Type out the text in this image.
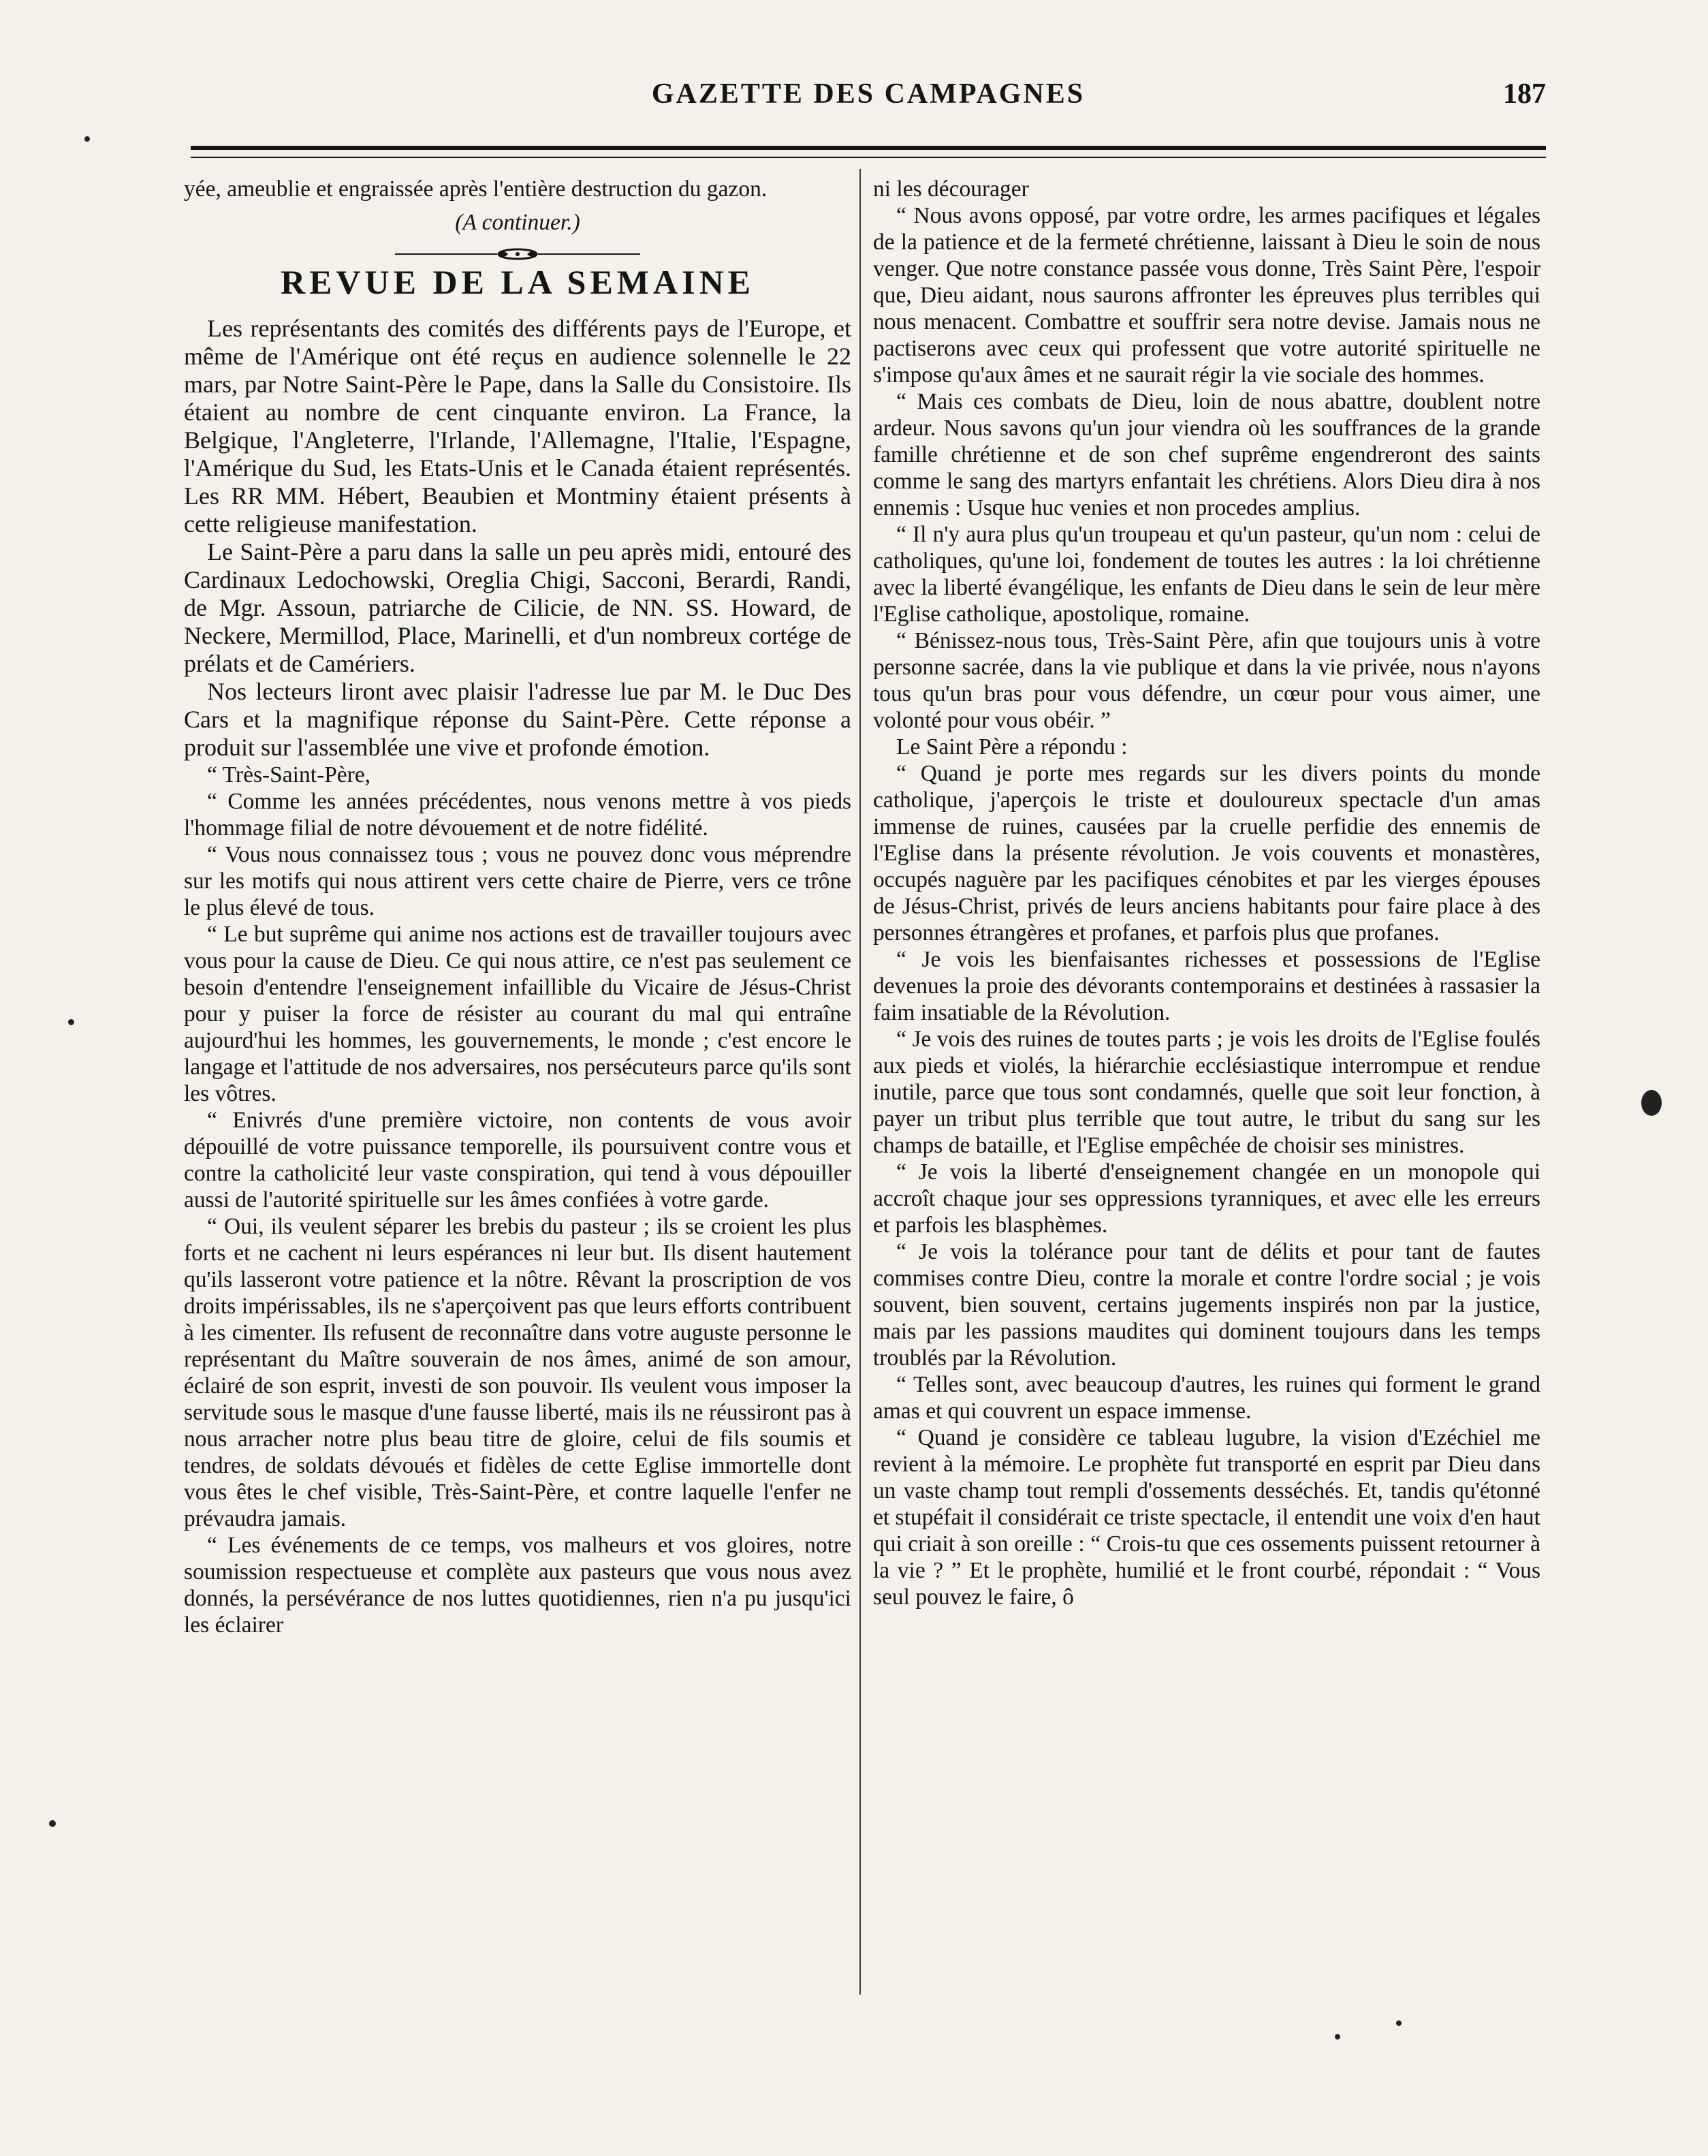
GAZETTE DES CAMPAGNES	187

yée, ameublie et engraissée après l'entière destruction du gazon.

(A continuer.)
REVUE DE LA SEMAINE

Les représentants des comités des différents pays de l'Europe, et même de l'Amérique ont été reçus en audience solennelle le 22 mars, par Notre Saint-Père le Pape, dans la Salle du Consistoire. Ils étaient au nombre de cent cinquante environ. La France, la Belgique, l'Angleterre, l'Irlande, l'Allemagne, l'Italie, l'Espagne, l'Amérique du Sud, les Etats-Unis et le Canada étaient représentés. Les RR MM. Hébert, Beaubien et Montminy étaient présents à cette religieuse manifestation.

Le Saint-Père a paru dans la salle un peu après midi, entouré des Cardinaux Ledochowski, Oreglia Chigi, Sacconi, Berardi, Randi, de Mgr. Assoun, patriarche de Cilicie, de NN. SS. Howard, de Neckere, Mermillod, Place, Marinelli, et d'un nombreux cortége de prélats et de Camériers.

Nos lecteurs liront avec plaisir l'adresse lue par M. le Duc Des Cars et la magnifique réponse du Saint-Père. Cette réponse a produit sur l'assemblée une vive et profonde émotion.

“ Très-Saint-Père,

“ Comme les années précédentes, nous venons mettre à vos pieds l'hommage filial de notre dévouement et de notre fidélité.

“ Vous nous connaissez tous ; vous ne pouvez donc vous méprendre sur les motifs qui nous attirent vers cette chaire de Pierre, vers ce trône le plus élevé de tous.

“ Le but suprême qui anime nos actions est de travailler toujours avec vous pour la cause de Dieu. Ce qui nous attire, ce n'est pas seulement ce besoin d'entendre l'enseignement infaillible du Vicaire de Jésus-Christ pour y puiser la force de résister au courant du mal qui entraîne aujourd'hui les hommes, les gouvernements, le monde ; c'est encore le langage et l'attitude de nos adversaires, nos persécuteurs parce qu'ils sont les vôtres.

“ Enivrés d'une première victoire, non contents de vous avoir dépouillé de votre puissance temporelle, ils poursuivent contre vous et contre la catholicité leur vaste conspiration, qui tend à vous dépouiller aussi de l'autorité spirituelle sur les âmes confiées à votre garde.

“ Oui, ils veulent séparer les brebis du pasteur ; ils se croient les plus forts et ne cachent ni leurs espérances ni leur but. Ils disent hautement qu'ils lasseront votre patience et la nôtre. Rêvant la proscription de vos droits impérissables, ils ne s'aperçoivent pas que leurs efforts contribuent à les cimenter. Ils refusent de reconnaître dans votre auguste personne le représentant du Maître souverain de nos âmes, animé de son amour, éclairé de son esprit, investi de son pouvoir. Ils veulent vous imposer la servitude sous le masque d'une fausse liberté, mais ils ne réussiront pas à nous arracher notre plus beau titre de gloire, celui de fils soumis et tendres, de soldats dévoués et fidèles de cette Eglise immortelle dont vous êtes le chef visible, Très-Saint-Père, et contre laquelle l'enfer ne prévaudra jamais.

“ Les événements de ce temps, vos malheurs et vos gloires, notre soumission respectueuse et complète aux pasteurs que vous nous avez donnés, la persévérance de nos luttes quotidiennes, rien n'a pu jusqu'ici les éclairer

ni les décourager

“ Nous avons opposé, par votre ordre, les armes pacifiques et légales de la patience et de la fermeté chrétienne, laissant à Dieu le soin de nous venger. Que notre constance passée vous donne, Très Saint Père, l'espoir que, Dieu aidant, nous saurons affronter les épreuves plus terribles qui nous menacent. Combattre et souffrir sera notre devise. Jamais nous ne pactiserons avec ceux qui professent que votre autorité spirituelle ne s'impose qu'aux âmes et ne saurait régir la vie sociale des hommes.

“ Mais ces combats de Dieu, loin de nous abattre, doublent notre ardeur. Nous savons qu'un jour viendra où les souffrances de la grande famille chrétienne et de son chef suprême engendreront des saints comme le sang des martyrs enfantait les chrétiens. Alors Dieu dira à nos ennemis : Usque huc venies et non procedes amplius.

“ Il n'y aura plus qu'un troupeau et qu'un pasteur, qu'un nom : celui de catholiques, qu'une loi, fondement de toutes les autres : la loi chrétienne avec la liberté évangélique, les enfants de Dieu dans le sein de leur mère l'Eglise catholique, apostolique, romaine.

“ Bénissez-nous tous, Très-Saint Père, afin que toujours unis à votre personne sacrée, dans la vie publique et dans la vie privée, nous n'ayons tous qu'un bras pour vous défendre, un cœur pour vous aimer, une volonté pour vous obéir. ”

Le Saint Père a répondu :

“ Quand je porte mes regards sur les divers points du monde catholique, j'aperçois le triste et douloureux spectacle d'un amas immense de ruines, causées par la cruelle perfidie des ennemis de l'Eglise dans la présente révolution. Je vois couvents et monastères, occupés naguère par les pacifiques cénobites et par les vierges épouses de Jésus-Christ, privés de leurs anciens habitants pour faire place à des personnes étrangères et profanes, et parfois plus que profanes.

“ Je vois les bienfaisantes richesses et possessions de l'Eglise devenues la proie des dévorants contemporains et destinées à rassasier la faim insatiable de la Révolution.

“ Je vois des ruines de toutes parts ; je vois les droits de l'Eglise foulés aux pieds et violés, la hiérarchie ecclésiastique interrompue et rendue inutile, parce que tous sont condamnés, quelle que soit leur fonction, à payer un tribut plus terrible que tout autre, le tribut du sang sur les champs de bataille, et l'Eglise empêchée de choisir ses ministres.

“ Je vois la liberté d'enseignement changée en un monopole qui accroît chaque jour ses oppressions tyranniques, et avec elle les erreurs et parfois les blasphèmes.

“ Je vois la tolérance pour tant de délits et pour tant de fautes commises contre Dieu, contre la morale et contre l'ordre social ; je vois souvent, bien souvent, certains jugements inspirés non par la justice, mais par les passions maudites qui dominent toujours dans les temps troublés par la Révolution.

“ Telles sont, avec beaucoup d'autres, les ruines qui forment le grand amas et qui couvrent un espace immense.

“ Quand je considère ce tableau lugubre, la vision d'Ezéchiel me revient à la mémoire. Le prophète fut transporté en esprit par Dieu dans un vaste champ tout rempli d'ossements desséchés. Et, tandis qu'étonné et stupéfait il considérait ce triste spectacle, il entendit une voix d'en haut qui criait à son oreille : “ Crois-tu que ces ossements puissent retourner à la vie ? ” Et le prophète, humilié et le front courbé, répondait : “ Vous seul pouvez le faire, ô
